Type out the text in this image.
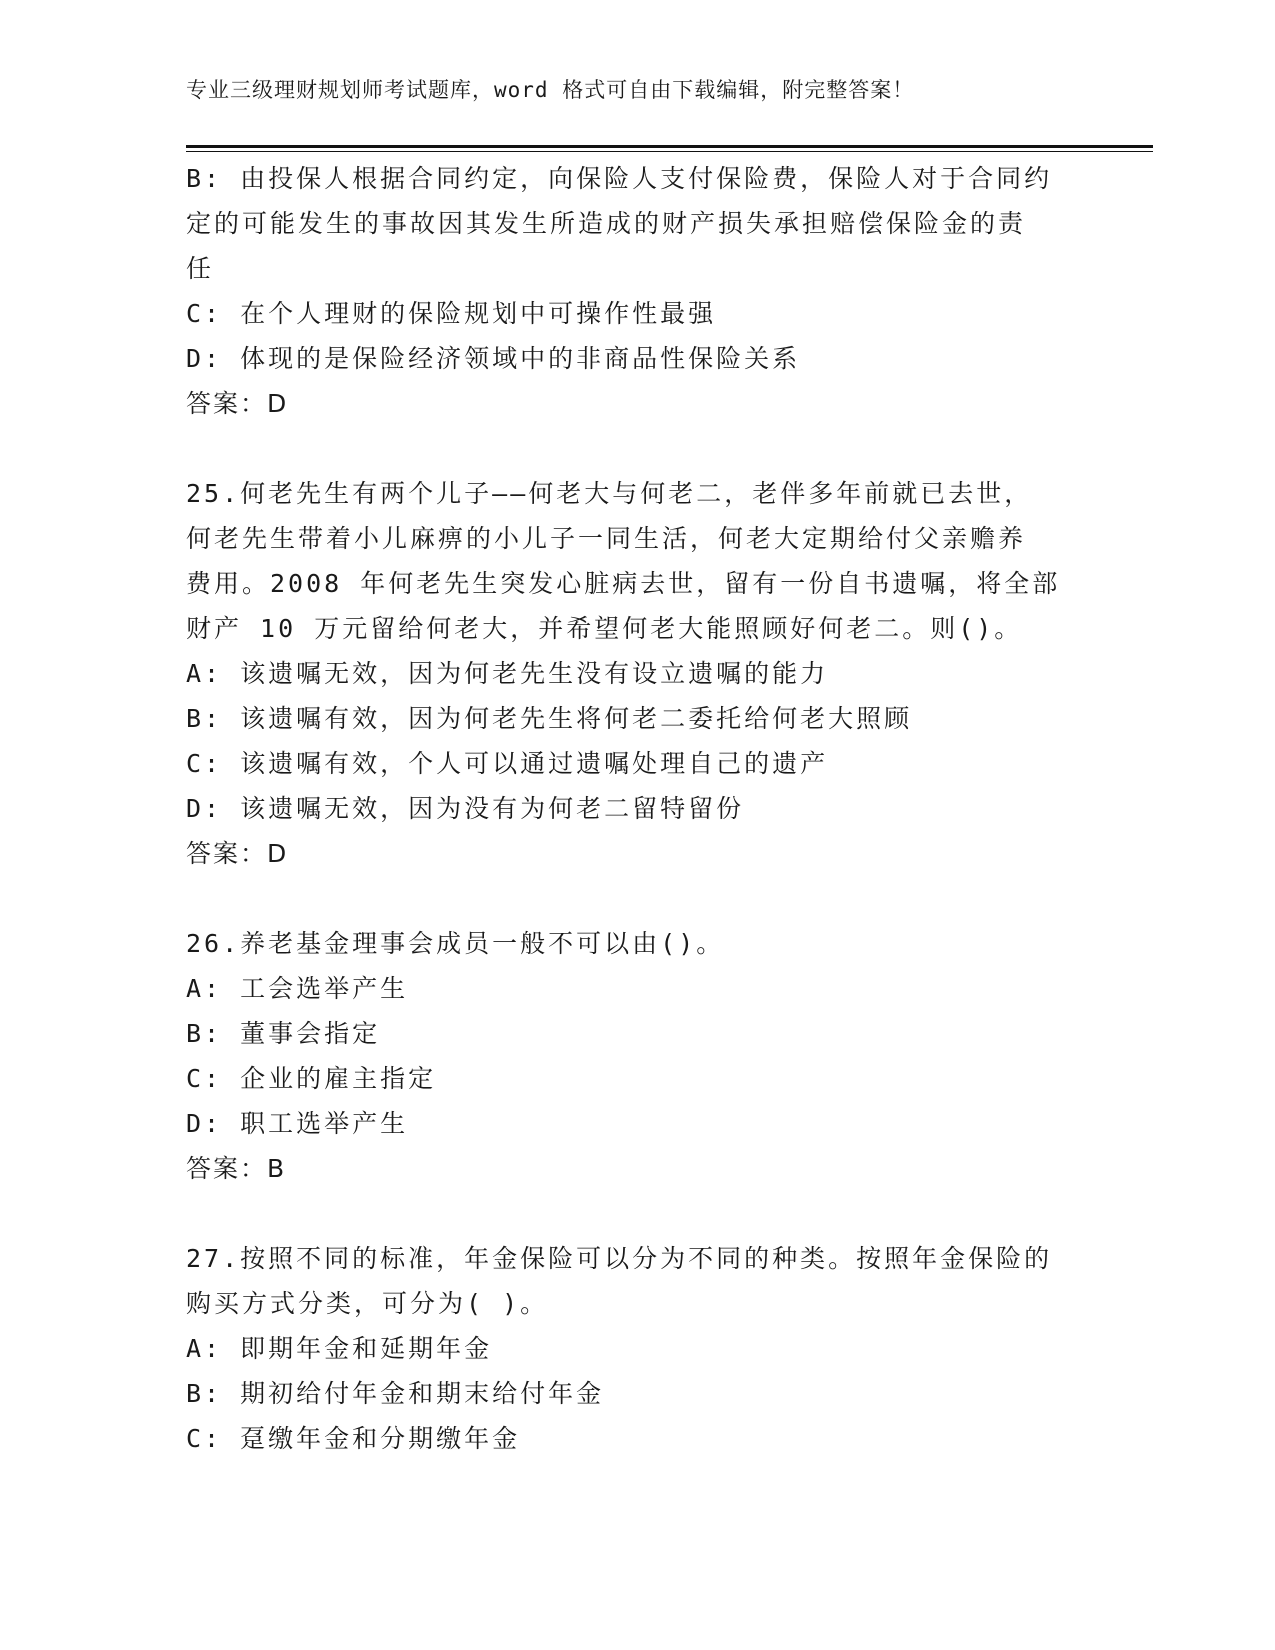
专业三级理财规划师考试题库，word 格式可自由下载编辑，附完整答案！
B: 由投保人根据合同约定，向保险人支付保险费，保险人对于合同约
定的可能发生的事故因其发生所造成的财产损失承担赔偿保险金的责
任
C: 在个人理财的保险规划中可操作性最强
D: 体现的是保险经济领域中的非商品性保险关系
答案：D
25.何老先生有两个儿子——何老大与何老二，老伴多年前就已去世，
何老先生带着小儿麻痹的小儿子一同生活，何老大定期给付父亲赡养
费用。2008 年何老先生突发心脏病去世，留有一份自书遗嘱，将全部
财产 10 万元留给何老大，并希望何老大能照顾好何老二。则()。
A: 该遗嘱无效，因为何老先生没有设立遗嘱的能力
B: 该遗嘱有效，因为何老先生将何老二委托给何老大照顾
C: 该遗嘱有效，个人可以通过遗嘱处理自己的遗产
D: 该遗嘱无效，因为没有为何老二留特留份
答案：D
26.养老基金理事会成员一般不可以由()。
A: 工会选举产生
B: 董事会指定
C: 企业的雇主指定
D: 职工选举产生
答案：B
27.按照不同的标准，年金保险可以分为不同的种类。按照年金保险的
购买方式分类，可分为( )。
A: 即期年金和延期年金
B: 期初给付年金和期末给付年金
C: 趸缴年金和分期缴年金
